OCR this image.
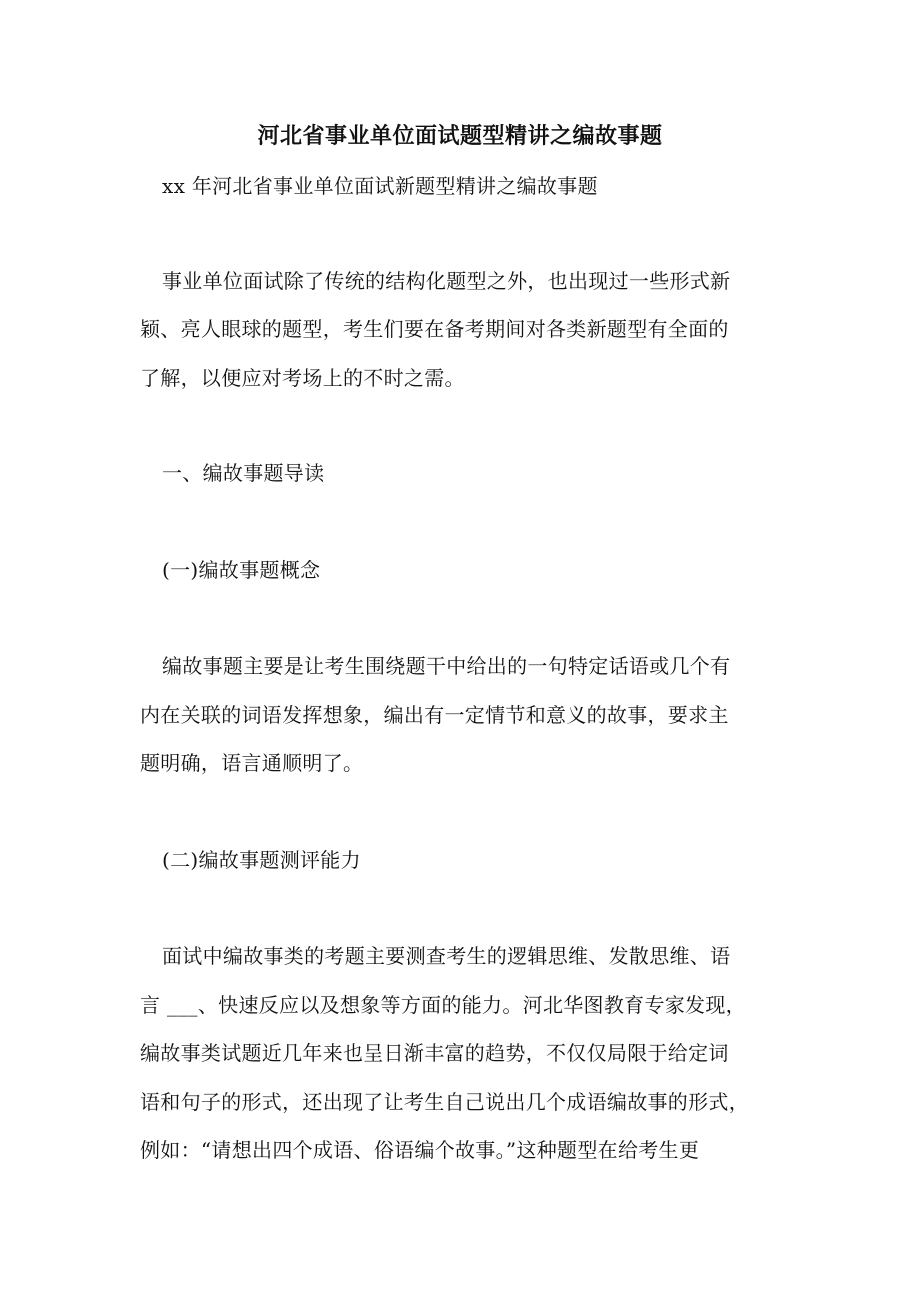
河北省事业单位面试题型精讲之编故事题
xx 年河北省事业单位面试新题型精讲之编故事题
事业单位面试除了传统的结构化题型之外，也出现过一些形式新
颖、亮人眼球的题型，考生们要在备考期间对各类新题型有全面的
了解，以便应对考场上的不时之需。
一、编故事题导读
(一)编故事题概念
编故事题主要是让考生围绕题干中给出的一句特定话语或几个有
内在关联的词语发挥想象，编出有一定情节和意义的故事，要求主
题明确，语言通顺明了。
(二)编故事题测评能力
面试中编故事类的考题主要测查考生的逻辑思维、发散思维、语
言 ___、快速反应以及想象等方面的能力。河北华图教育专家发现，
编故事类试题近几年来也呈日渐丰富的趋势，不仅仅局限于给定词
语和句子的形式，还出现了让考生自己说出几个成语编故事的形式，
例如：“请想出四个成语、俗语编个故事。”这种题型在给考生更
